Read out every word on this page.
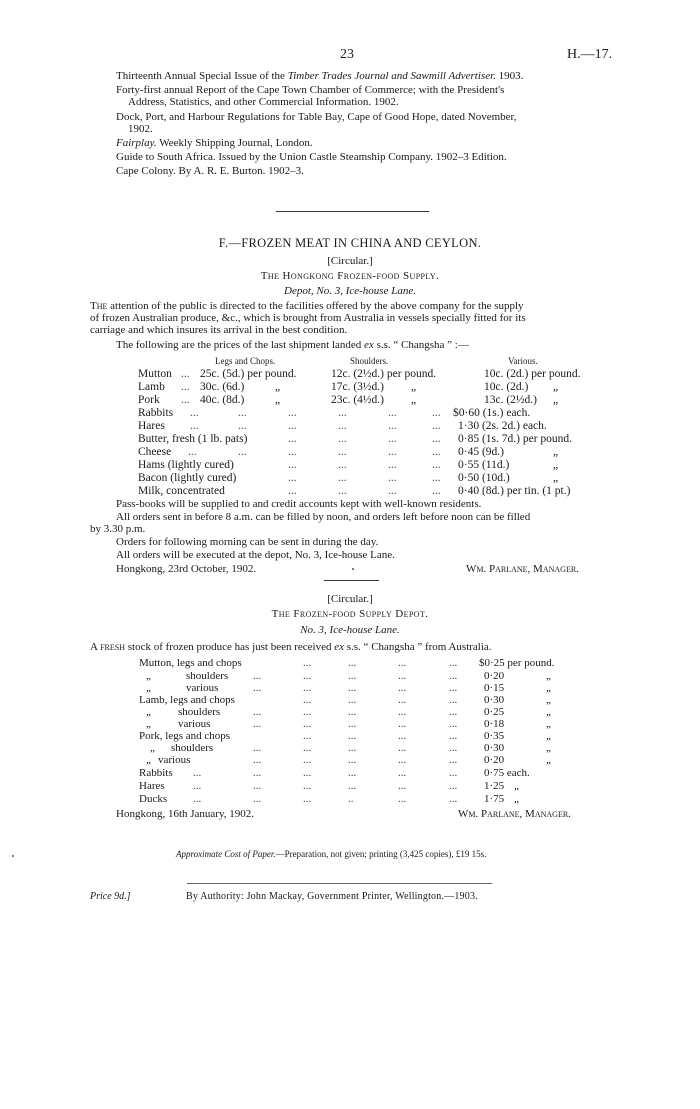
23	H.—17.
Thirteenth Annual Special Issue of the Timber Trades Journal and Sawmill Advertiser. 1903.
Forty-first annual Report of the Cape Town Chamber of Commerce; with the President's
Address, Statistics, and other Commercial Information. 1902.
Dock, Port, and Harbour Regulations for Table Bay, Cape of Good Hope, dated November,
1902.
Fairplay. Weekly Shipping Journal, London.
Guide to South Africa. Issued by the Union Castle Steamship Company. 1902–3 Edition.
Cape Colony. By A. R. E. Burton. 1902–3.
F.—FROZEN MEAT IN CHINA AND CEYLON.
[Circular.]
The Hongkong Frozen-food Supply.
Depot, No. 3, Ice-house Lane.
The attention of the public is directed to the facilities offered by the above company for the supply
of frozen Australian produce, &c., which is brought from Australia in vessels specially fitted for its
carriage and which insures its arrival in the best condition.
The following are the prices of the last shipment landed ex s.s. “ Changsha ” :—
Legs and Chops.	Shoulders.	Various.
Mutton ... 25c. (5d.) per pound.	12c. (2½d.) per pound.	10c. (2d.) per pound.
Lamb ... 30c. (6d.)	„	17c. (3½d.) „	10c. (2d.) „
Pork ... 40c. (8d.)	„	23c. (4½d.) „	13c. (2½d.) „
Rabbits ...	...	...	...	...	... $0·60 (1s.) each.
Hares ...	...	...	...	...	... 1·30 (2s. 2d.) each.
Butter, fresh (1 lb. pats)	...	...	...	... 0·85 (1s. 7d.) per pound.
Cheese ...	...	...	...	...	... 0·45 (9d.)	„
Hams (lightly cured)	...	...	...	... 0·55 (11d.)	„
Bacon (lightly cured)	...	...	...	... 0·50 (10d.)	„
Milk, concentrated	...	...	...	... 0·40 (8d.) per tin. (1 pt.)
Pass-books will be supplied to and credit accounts kept with well-known residents.
All orders sent in before 8 a.m. can be filled by noon, and orders left before noon can be filled
by 3.30 p.m.
Orders for following morning can be sent in during the day.
All orders will be executed at the depot, No. 3, Ice-house Lane.
Hongkong, 23rd October, 1902.	Wm. Parlane, Manager.
[Circular.]
The Frozen-food Supply Depot.
No. 3, Ice-house Lane.
A fresh stock of frozen produce has just been received ex s.s. “ Changsha ” from Australia.
Mutton, legs and chops	...	...	...	... $0·25 per pound.
„	shoulders ...	...	...	...	... 0·20	„
„	various	...	...	...	...	... 0·15	„
Lamb, legs and chops	...	...	...	... 0·30	„
„ shoulders	...	...	...	...	... 0·25	„
„ various	...	...	...	...	... 0·18	„
Pork, legs and chops	...	...	...	... 0·35	„
„ shoulders	...	...	...	...	... 0·30	„
„ various	...	...	...	...	... 0·20	„
Rabbits ...	...	...	...	...	... 0·75 each.
Hares	...	...	...	...	...	... 1·25 „
Ducks ...	...	...	..	...	... 1·75 „
Hongkong, 16th January, 1902.	Wm. Parlane, Manager.
Approximate Cost of Paper.—Preparation, not given; printing (3,425 copies), £19 15s.
Price 9d.]	By Authority: John Mackay, Government Printer, Wellington.—1903.
